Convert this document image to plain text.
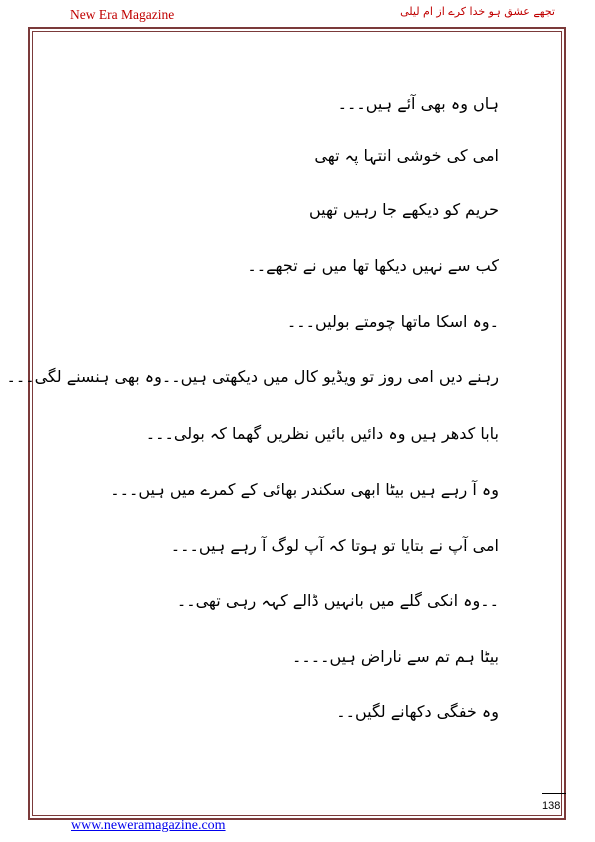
New Era Magazine	تجھے عشق ہو خدا کرے از ام لیلی
ہاں وہ بھی آئے ہیں۔۔۔
امی کی خوشی انتہا پہ تھی
حریم کو دیکھے جا رہیں تھیں
کب سے نہیں دیکھا تھا میں نے تجھے۔۔
۔وہ اسکا ماتھا چومتے بولیں۔۔۔
رہنے دیں امی روز تو ویڈیو کال میں دیکھتی ہیں۔۔وہ بھی ہنسنے لگی۔۔۔
بابا کدھر ہیں وہ دائیں بائیں نظریں گھما کہ بولی۔۔۔
وہ آ رہے ہیں بیٹا ابھی سکندر بھائی کے کمرے میں ہیں۔۔۔
امی آپ نے بتایا تو ہوتا کہ آپ لوگ آ رہے ہیں۔۔۔
۔۔وہ انکی گلے میں بانہیں ڈالے کہہ رہی تھی۔۔
بیٹا ہم تم سے ناراض ہیں۔۔۔۔
وہ خفگی دکھانے لگیں۔۔
138
www.neweramagazine.com
